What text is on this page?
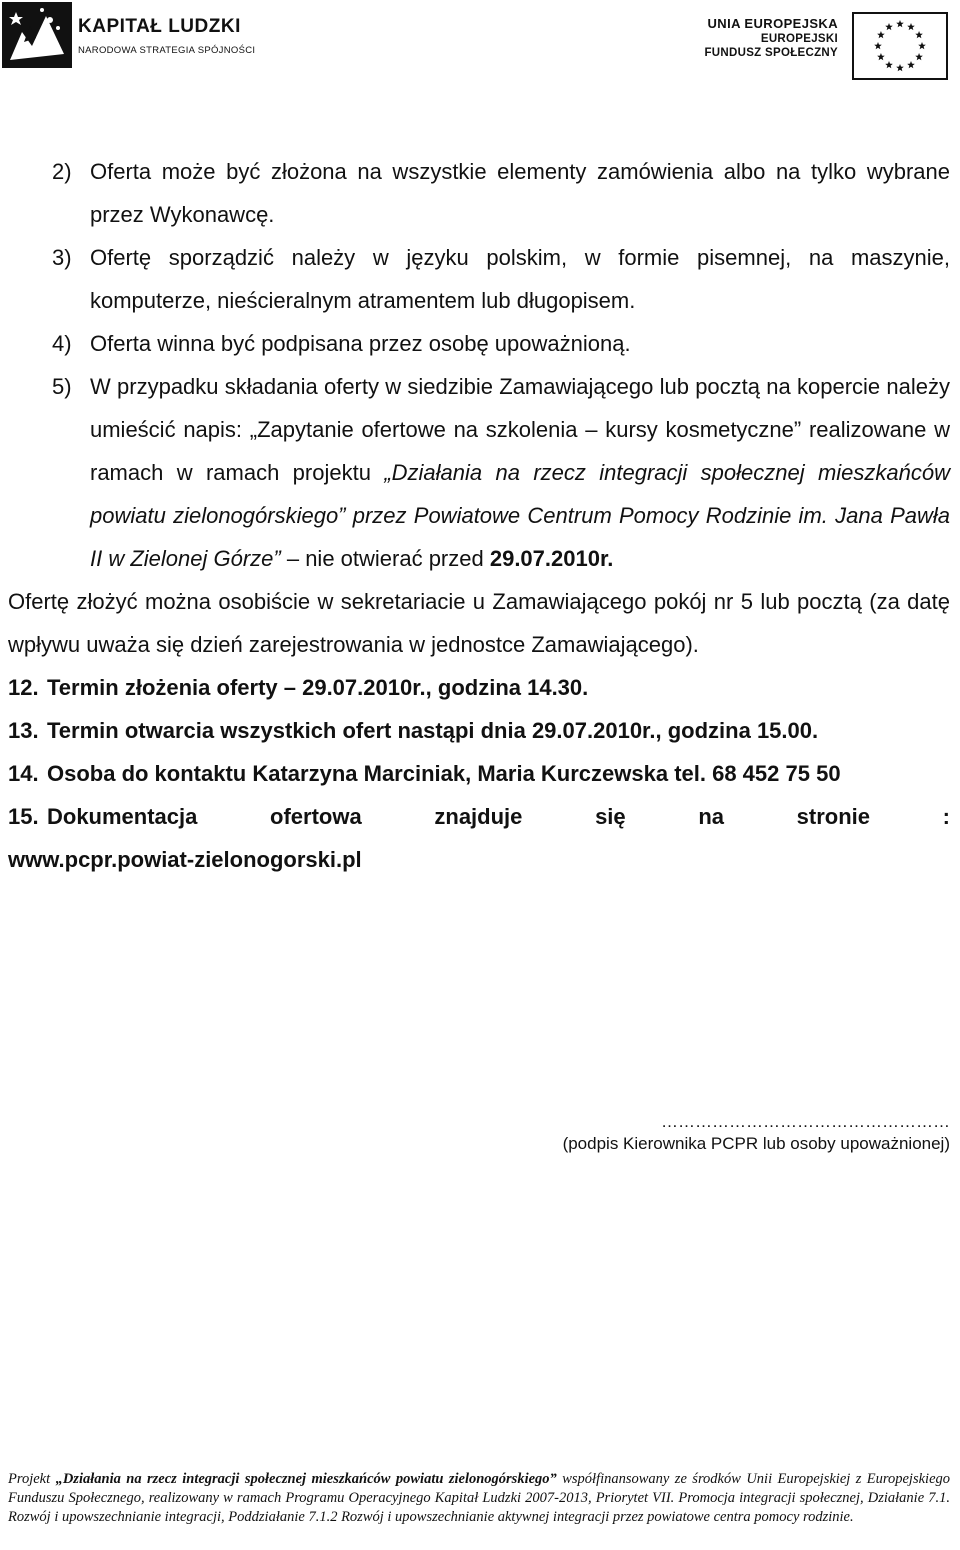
KAPITAŁ LUDZKI
NARODOWA STRATEGIA SPÓJNOŚCI
UNIA EUROPEJSKA
EUROPEJSKI
FUNDUSZ SPOŁECZNY
2) Oferta może być złożona na wszystkie elementy zamówienia albo na tylko wybrane przez Wykonawcę.
3) Ofertę sporządzić należy w języku polskim, w formie pisemnej, na maszynie, komputerze, nieścieralnym atramentem lub długopisem.
4) Oferta winna być podpisana przez osobę upoważnioną.
5) W przypadku składania oferty w siedzibie Zamawiającego lub pocztą na kopercie należy umieścić napis: „Zapytanie ofertowe na szkolenia – kursy kosmetyczne” realizowane w ramach w ramach projektu „Działania na rzecz integracji społecznej mieszkańców powiatu zielonogórskiego” przez Powiatowe Centrum Pomocy Rodzinie im. Jana Pawła II w Zielonej Górze” – nie otwierać przed 29.07.2010r.
Ofertę złożyć można osobiście w sekretariacie u Zamawiającego pokój nr 5 lub pocztą (za datę wpływu uważa się dzień zarejestrowania w jednostce Zamawiającego).
12. Termin złożenia oferty – 29.07.2010r., godzina 14.30.
13. Termin otwarcia wszystkich ofert nastąpi dnia 29.07.2010r., godzina 15.00.
14. Osoba do kontaktu Katarzyna Marciniak, Maria Kurczewska tel. 68 452 75 50
15. Dokumentacja ofertowa znajduje się na stronie :
www.pcpr.powiat-zielonogorski.pl
……………………………………………
(podpis Kierownika PCPR lub osoby upoważnionej)
Projekt „Działania na rzecz integracji społecznej mieszkańców powiatu zielonogórskiego” współfinansowany ze środków Unii Europejskiej z Europejskiego Funduszu Społecznego, realizowany w ramach Programu Operacyjnego Kapitał Ludzki 2007-2013, Priorytet VII. Promocja integracji społecznej, Działanie 7.1. Rozwój i upowszechnianie integracji, Poddziałanie 7.1.2 Rozwój i upowszechnianie aktywnej integracji przez powiatowe centra pomocy rodzinie.
